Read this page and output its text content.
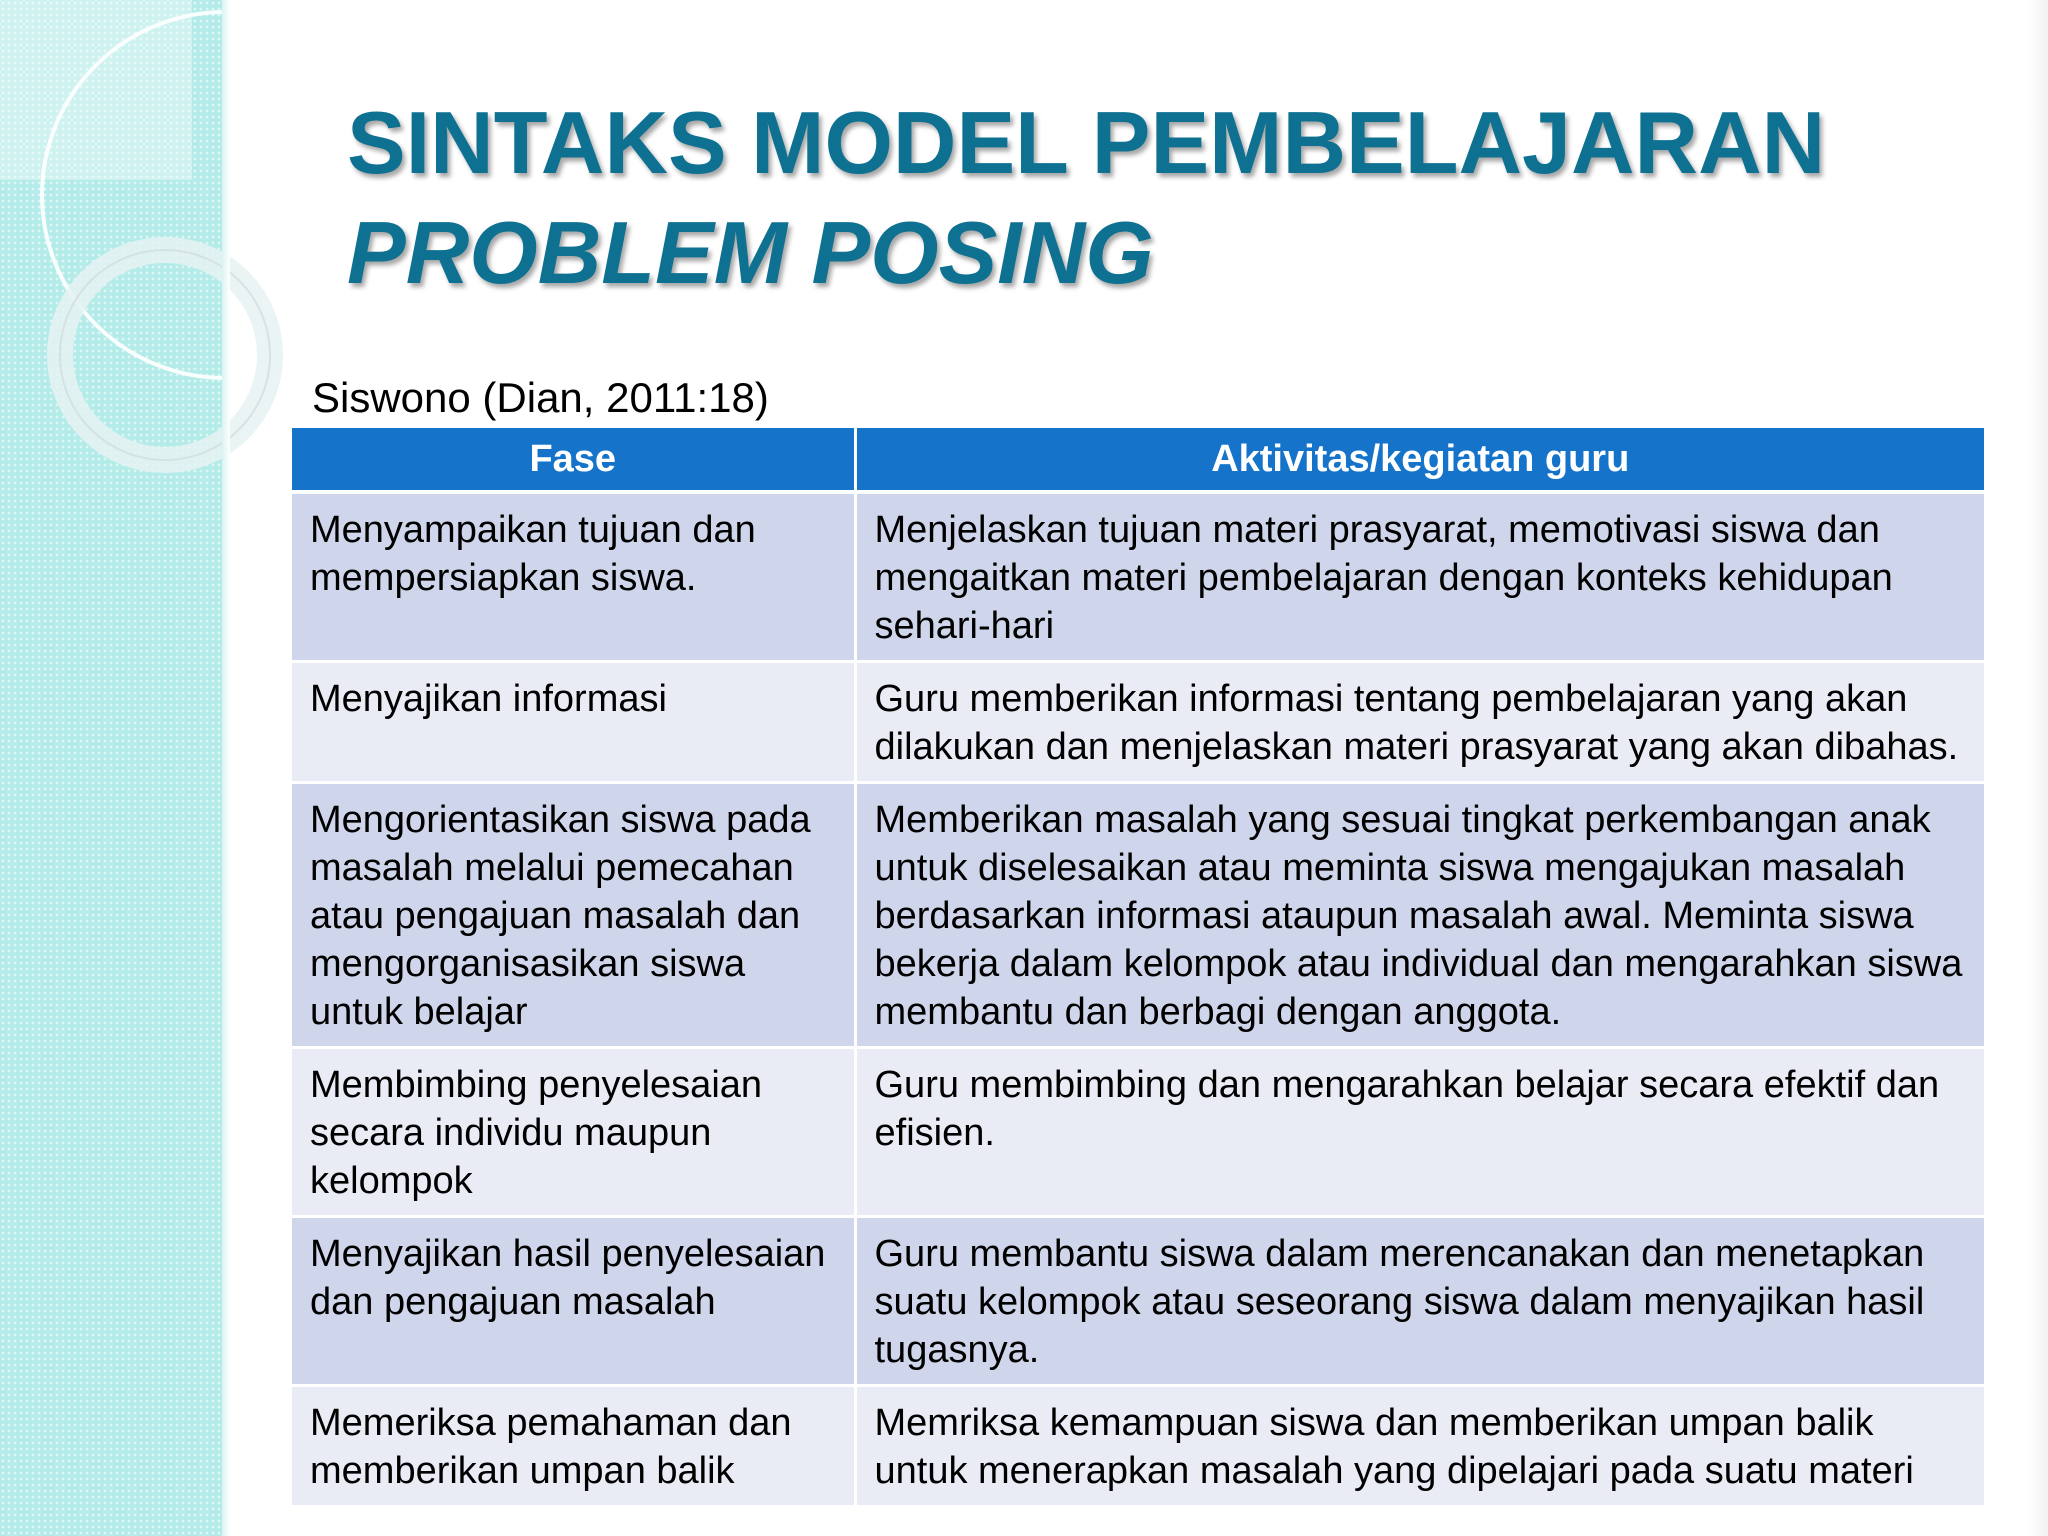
SINTAKS MODEL PEMBELAJARAN
PROBLEM POSING
Siswono (Dian, 2011:18)
Fase	Aktivitas/kegiatan guru
Menyampaikan tujuan dan mempersiapkan siswa.	Menjelaskan tujuan materi prasyarat, memotivasi siswa dan mengaitkan materi pembelajaran dengan konteks kehidupan sehari-hari
Menyajikan informasi	Guru memberikan informasi tentang pembelajaran yang akan dilakukan dan menjelaskan materi prasyarat yang akan dibahas.
Mengorientasikan siswa pada masalah melalui pemecahan atau pengajuan masalah dan mengorganisasikan siswa untuk belajar	Memberikan masalah yang sesuai tingkat perkembangan anak untuk diselesaikan atau meminta siswa mengajukan masalah berdasarkan informasi ataupun masalah awal. Meminta siswa bekerja dalam kelompok atau individual dan mengarahkan siswa membantu dan berbagi dengan anggota.
Membimbing penyelesaian secara individu maupun kelompok	Guru membimbing dan mengarahkan belajar secara efektif dan efisien.
Menyajikan hasil penyelesaian dan pengajuan masalah	Guru membantu siswa dalam merencanakan dan menetapkan suatu kelompok atau seseorang siswa dalam menyajikan hasil tugasnya.
Memeriksa pemahaman dan memberikan umpan balik	Memriksa kemampuan siswa dan memberikan umpan balik untuk menerapkan masalah yang dipelajari pada suatu materi
